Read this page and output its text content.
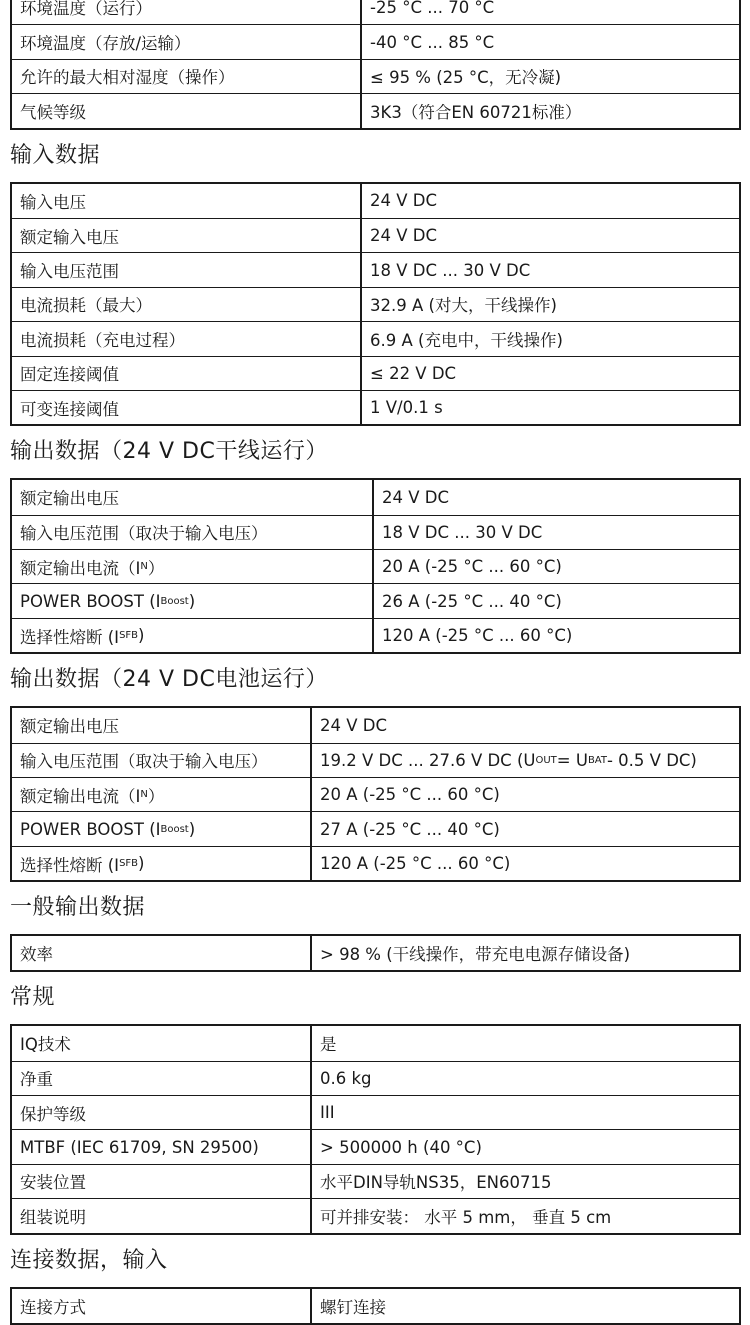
环境温度（运行）	-25 °C ... 70 °C
环境温度（存放/运输）	-40 °C ... 85 °C
允许的最大相对湿度（操作）	≤ 95 % (25 °C，无冷凝)
气候等级	3K3（符合EN 60721标准）
输入数据
输入电压	24 V DC
额定输入电压	24 V DC
输入电压范围	18 V DC ... 30 V DC
电流损耗（最大）	32.9 A (对大，干线操作)
电流损耗（充电过程）	6.9 A (充电中，干线操作)
固定连接阈值	≤ 22 V DC
可变连接阈值	1 V/0.1 s
输出数据（24 V DC干线运行）
额定输出电压	24 V DC
输入电压范围（取决于输入电压）	18 V DC ... 30 V DC
额定输出电流（I N ）	20 A (-25 °C ... 60 °C)
POWER BOOST (I Boost )	26 A (-25 °C ... 40 °C)
选择性熔断 (I SFB )	120 A (-25 °C ... 60 °C)
输出数据（24 V DC电池运行）
额定输出电压	24 V DC
输入电压范围（取决于输入电压）	19.2 V DC ... 27.6 V DC (U OUT = U BAT - 0.5 V DC)
额定输出电流（I N ）	20 A (-25 °C ... 60 °C)
POWER BOOST (I Boost )	27 A (-25 °C ... 40 °C)
选择性熔断 (I SFB )	120 A (-25 °C ... 60 °C)
一般输出数据
效率	> 98 % (干线操作，带充电电源存储设备)
常规
IQ技术	是
净重	0.6 kg
保护等级	III
MTBF (IEC 61709, SN 29500)	> 500000 h (40 °C)
安装位置	水平DIN导轨NS35，EN60715
组装说明	可并排安装： 水平 5 mm， 垂直 5 cm
连接数据，输入
连接方式	螺钉连接
